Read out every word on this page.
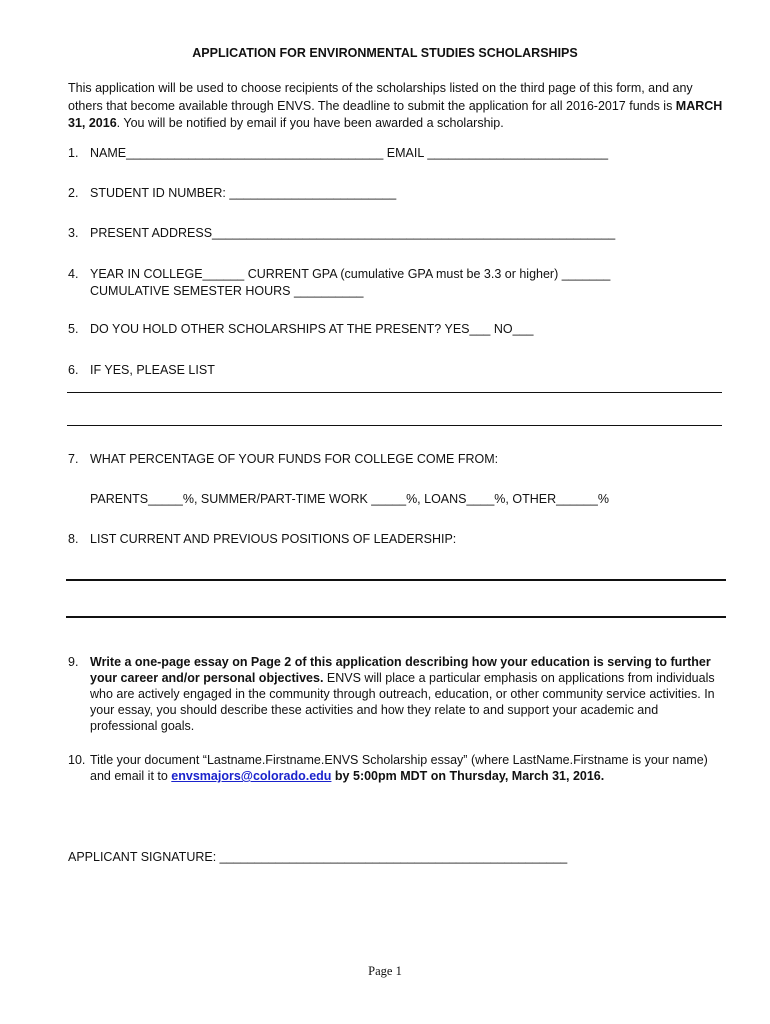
APPLICATION FOR ENVIRONMENTAL STUDIES SCHOLARSHIPS
This application will be used to choose recipients of the scholarships listed on the third page of this form, and any others that become available through ENVS. The deadline to submit the application for all 2016-2017 funds is MARCH 31, 2016. You will be notified by email if you have been awarded a scholarship.
1. NAME_____________________________________ EMAIL __________________________
2. STUDENT ID NUMBER: ________________________
3. PRESENT ADDRESS__________________________________________________________
4. YEAR IN COLLEGE______ CURRENT GPA (cumulative GPA must be 3.3 or higher) _______
CUMULATIVE SEMESTER HOURS __________
5. DO YOU HOLD OTHER SCHOLARSHIPS AT THE PRESENT? YES___ NO___
6. IF YES, PLEASE LIST
7. WHAT PERCENTAGE OF YOUR FUNDS FOR COLLEGE COME FROM:
PARENTS_____%, SUMMER/PART-TIME WORK _____%, LOANS____%, OTHER______%
8. LIST CURRENT AND PREVIOUS POSITIONS OF LEADERSHIP:
9. Write a one-page essay on Page 2 of this application describing how your education is serving to further your career and/or personal objectives. ENVS will place a particular emphasis on applications from individuals who are actively engaged in the community through outreach, education, or other community service activities. In your essay, you should describe these activities and how they relate to and support your academic and professional goals.
10. Title your document “Lastname.Firstname.ENVS Scholarship essay” (where LastName.Firstname is your name) and email it to envsmajors@colorado.edu by 5:00pm MDT on Thursday, March 31, 2016.
APPLICANT SIGNATURE: __________________________________________________
Page 1
